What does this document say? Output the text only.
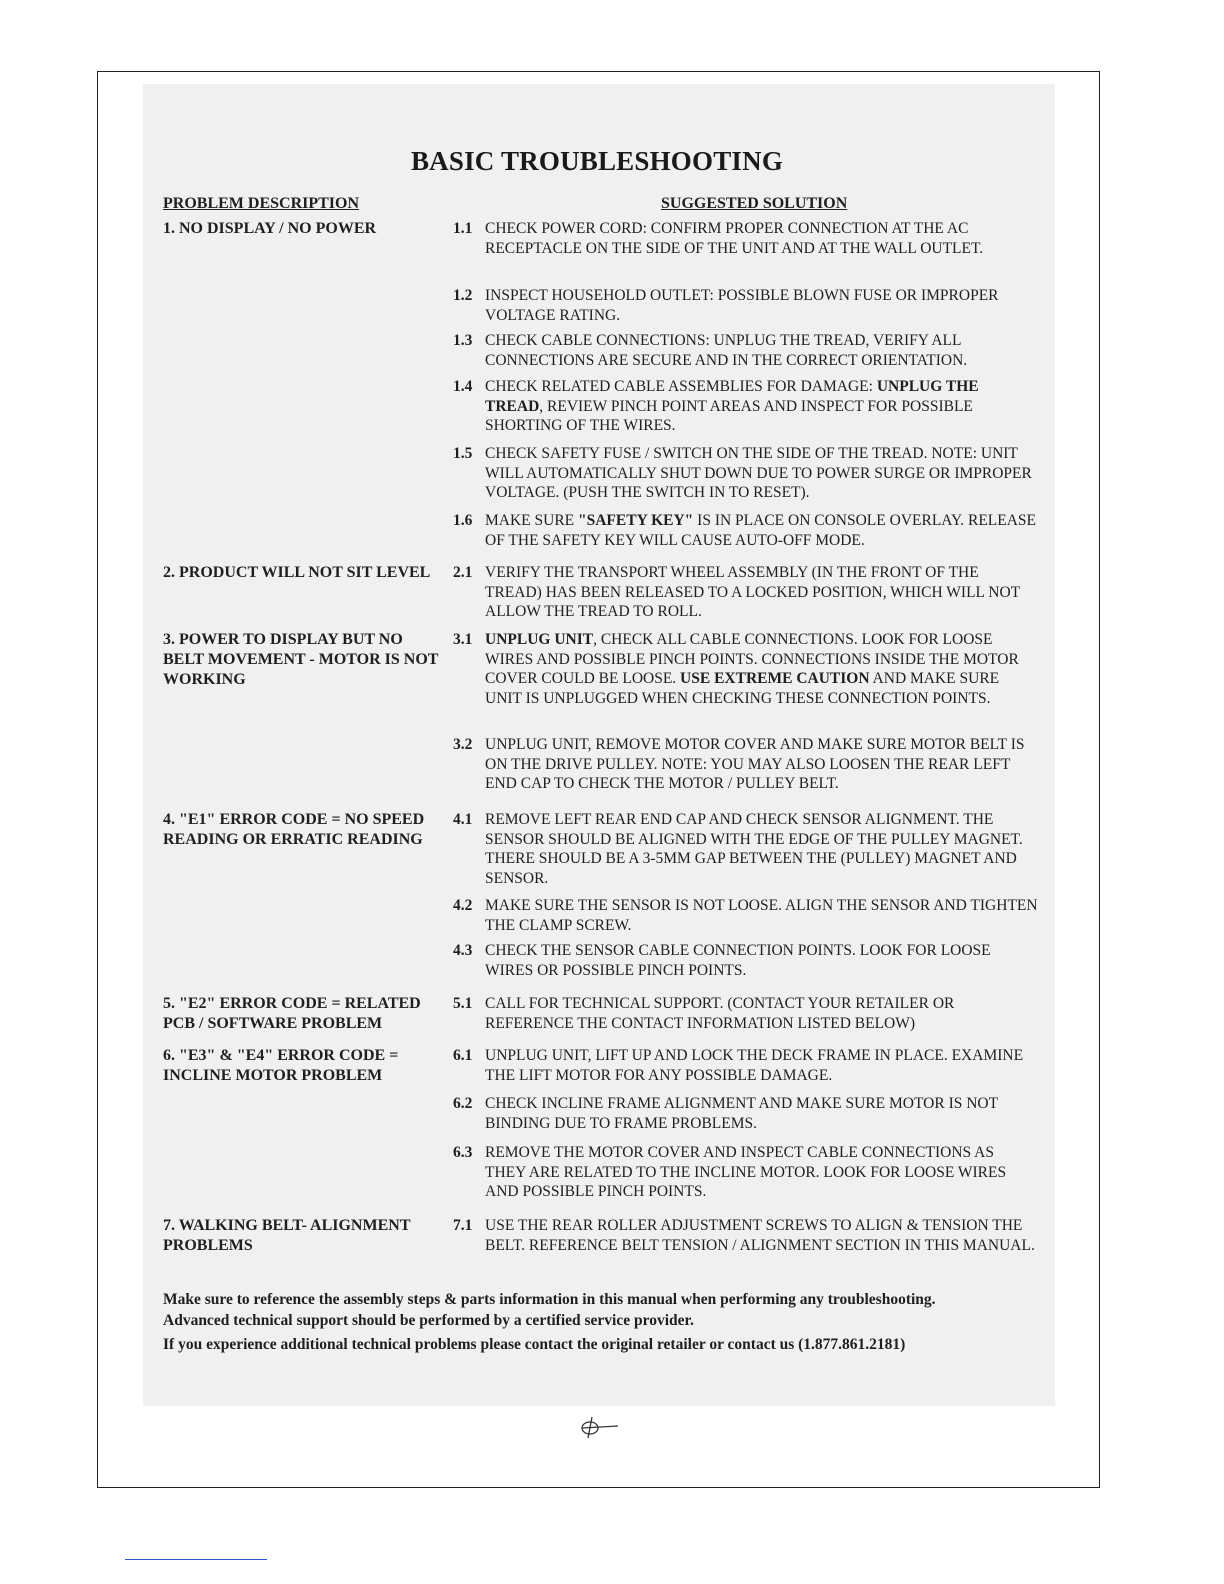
BASIC TROUBLESHOOTING
PROBLEM DESCRIPTION	SUGGESTED SOLUTION
1. NO DISPLAY / NO POWER
2. PRODUCT WILL NOT SIT LEVEL
3. POWER TO DISPLAY BUT NO BELT MOVEMENT - MOTOR IS NOT WORKING
4. "E1" ERROR CODE = NO SPEED READING OR ERRATIC READING
5. "E2" ERROR CODE = RELATED PCB / SOFTWARE PROBLEM
6. "E3" & "E4" ERROR CODE = INCLINE MOTOR PROBLEM
7. WALKING BELT- ALIGNMENT PROBLEMS
1.1 CHECK POWER CORD: CONFIRM PROPER CONNECTION AT THE AC RECEPTACLE ON THE SIDE OF THE UNIT AND AT THE WALL OUTLET.
1.2 INSPECT HOUSEHOLD OUTLET: POSSIBLE BLOWN FUSE OR IMPROPER VOLTAGE RATING.
1.3 CHECK CABLE CONNECTIONS: UNPLUG THE TREAD, VERIFY ALL CONNECTIONS ARE SECURE AND IN THE CORRECT ORIENTATION.
1.4 CHECK RELATED CABLE ASSEMBLIES FOR DAMAGE: UNPLUG THE TREAD, REVIEW PINCH POINT AREAS AND INSPECT FOR POSSIBLE SHORTING OF THE WIRES.
1.5 CHECK SAFETY FUSE / SWITCH ON THE SIDE OF THE TREAD. NOTE: UNIT WILL AUTOMATICALLY SHUT DOWN DUE TO POWER SURGE OR IMPROPER VOLTAGE. (PUSH THE SWITCH IN TO RESET).
1.6 MAKE SURE "SAFETY KEY" IS IN PLACE ON CONSOLE OVERLAY. RELEASE OF THE SAFETY KEY WILL CAUSE AUTO-OFF MODE.
2.1 VERIFY THE TRANSPORT WHEEL ASSEMBLY (IN THE FRONT OF THE TREAD) HAS BEEN RELEASED TO A LOCKED POSITION, WHICH WILL NOT ALLOW THE TREAD TO ROLL.
3.1 UNPLUG UNIT, CHECK ALL CABLE CONNECTIONS. LOOK FOR LOOSE WIRES AND POSSIBLE PINCH POINTS. CONNECTIONS INSIDE THE MOTOR COVER COULD BE LOOSE. USE EXTREME CAUTION AND MAKE SURE UNIT IS UNPLUGGED WHEN CHECKING THESE CONNECTION POINTS.
3.2 UNPLUG UNIT, REMOVE MOTOR COVER AND MAKE SURE MOTOR BELT IS ON THE DRIVE PULLEY. NOTE: YOU MAY ALSO LOOSEN THE REAR LEFT END CAP TO CHECK THE MOTOR / PULLEY BELT.
4.1 REMOVE LEFT REAR END CAP AND CHECK SENSOR ALIGNMENT. THE SENSOR SHOULD BE ALIGNED WITH THE EDGE OF THE PULLEY MAGNET. THERE SHOULD BE A 3-5MM GAP BETWEEN THE (PULLEY) MAGNET AND SENSOR.
4.2 MAKE SURE THE SENSOR IS NOT LOOSE. ALIGN THE SENSOR AND TIGHTEN THE CLAMP SCREW.
4.3 CHECK THE SENSOR CABLE CONNECTION POINTS. LOOK FOR LOOSE WIRES OR POSSIBLE PINCH POINTS.
5.1 CALL FOR TECHNICAL SUPPORT. (CONTACT YOUR RETAILER OR REFERENCE THE CONTACT INFORMATION LISTED BELOW)
6.1 UNPLUG UNIT, LIFT UP AND LOCK THE DECK FRAME IN PLACE. EXAMINE THE LIFT MOTOR FOR ANY POSSIBLE DAMAGE.
6.2 CHECK INCLINE FRAME ALIGNMENT AND MAKE SURE MOTOR IS NOT BINDING DUE TO FRAME PROBLEMS.
6.3 REMOVE THE MOTOR COVER AND INSPECT CABLE CONNECTIONS AS THEY ARE RELATED TO THE INCLINE MOTOR. LOOK FOR LOOSE WIRES AND POSSIBLE PINCH POINTS.
7.1 USE THE REAR ROLLER ADJUSTMENT SCREWS TO ALIGN & TENSION THE BELT. REFERENCE BELT TENSION / ALIGNMENT SECTION IN THIS MANUAL.
Make sure to reference the assembly steps & parts information in this manual when performing any troubleshooting.
Advanced technical support should be performed by a certified service provider.
If you experience additional technical problems please contact the original retailer or contact us (1.877.861.2181)
